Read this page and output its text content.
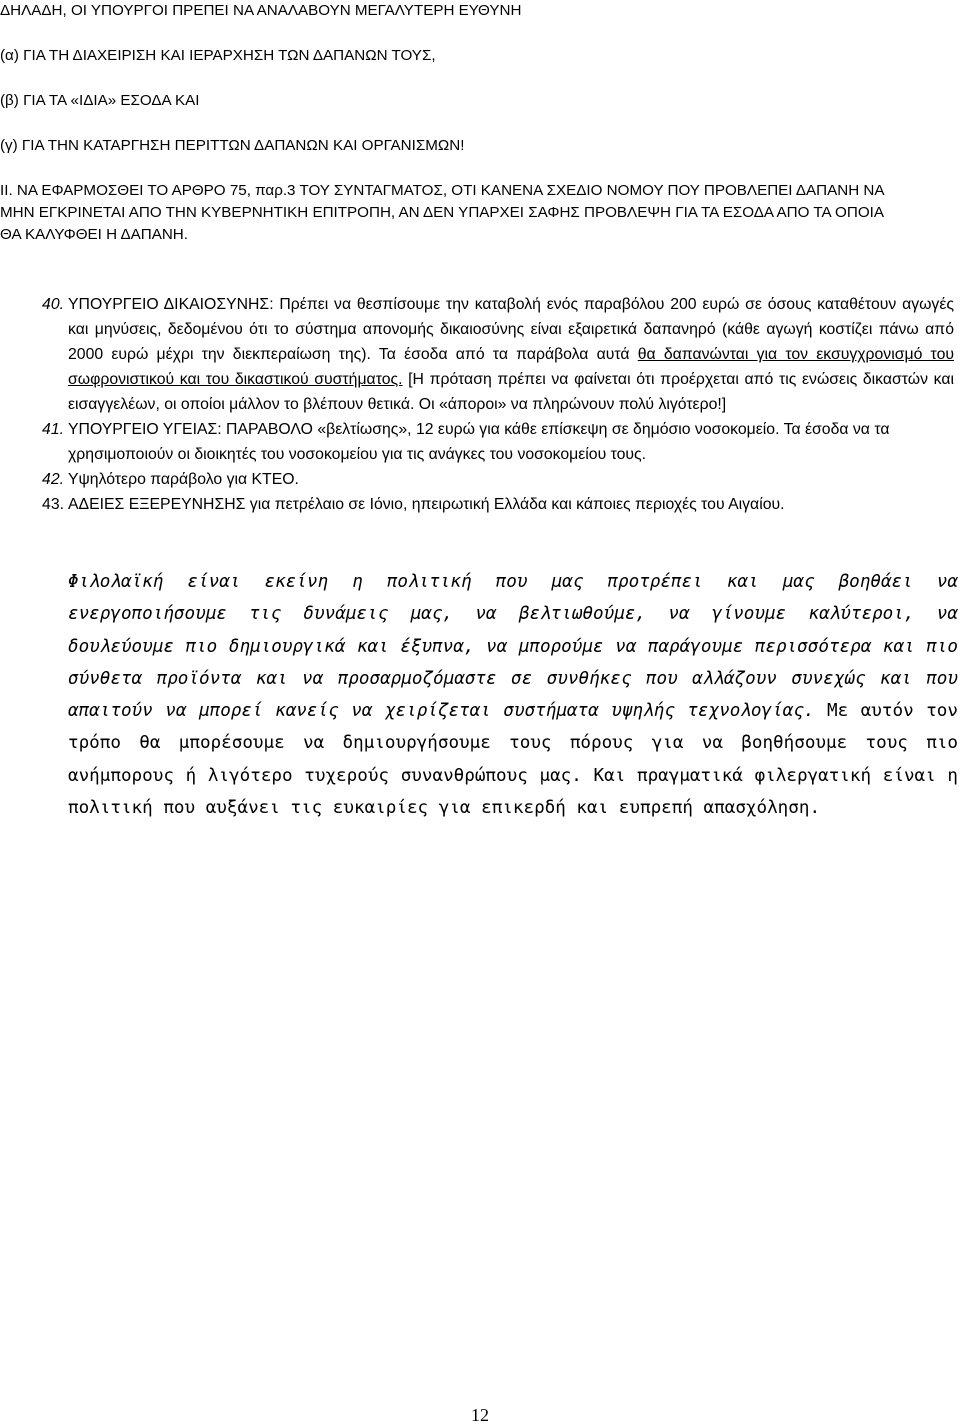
ΔΗΛΑΔΗ, ΟΙ ΥΠΟΥΡΓΟΙ ΠΡΕΠΕΙ ΝΑ ΑΝΑΛΑΒΟΥΝ ΜΕΓΑΛΥΤΕΡΗ ΕΥΘΥΝΗ

(α) ΓΙΑ ΤΗ ΔΙΑΧΕΙΡΙΣΗ ΚΑΙ ΙΕΡΑΡΧΗΣΗ ΤΩΝ ΔΑΠΑΝΩΝ ΤΟΥΣ,

(β) ΓΙΑ ΤΑ «ΙΔΙΑ» ΕΣΟΔΑ ΚΑΙ

(γ) ΓΙΑ ΤΗΝ ΚΑΤΑΡΓΗΣΗ ΠΕΡΙΤΤΩΝ ΔΑΠΑΝΩΝ ΚΑΙ ΟΡΓΑΝΙΣΜΩΝ!

ΙΙ. ΝΑ ΕΦΑΡΜΟΣΘΕΙ ΤΟ ΑΡΘΡΟ 75, παρ.3 ΤΟΥ ΣΥΝΤΑΓΜΑΤΟΣ, ΟΤΙ ΚΑΝΕΝΑ ΣΧΕΔΙΟ ΝΟΜΟΥ ΠΟΥ ΠΡΟΒΛΕΠΕΙ ΔΑΠΑΝΗ ΝΑ

ΜΗΝ ΕΓΚΡΙΝΕΤΑΙ ΑΠΟ ΤΗΝ ΚΥΒΕΡΝΗΤΙΚΗ ΕΠΙΤΡΟΠΗ, ΑΝ ΔΕΝ ΥΠΑΡΧΕΙ ΣΑΦΗΣ ΠΡΟΒΛΕΨΗ ΓΙΑ ΤΑ ΕΣΟΔΑ ΑΠΟ ΤΑ ΟΠΟΙΑ

ΘΑ ΚΑΛΥΦΘΕΙ Η ΔΑΠΑΝΗ.

40. ΥΠΟΥΡΓΕΙΟ ΔΙΚΑΙΟΣΥΝΗΣ: Πρέπει να θεσπίσουμε την καταβολή ενός παραβόλου 200 ευρώ σε όσους καταθέτουν αγωγές και μηνύσεις, δεδομένου ότι το σύστημα απονομής δικαιοσύνης είναι εξαιρετικά δαπανηρό (κάθε αγωγή κοστίζει πάνω από 2000 ευρώ μέχρι την διεκπεραίωση της). Τα έσοδα από τα παράβολα αυτά θα δαπανώνται για τον εκσυγχρονισμό του σωφρονιστικού και του δικαστικού συστήματος. [Η πρόταση πρέπει να φαίνεται ότι προέρχεται από τις ενώσεις δικαστών και εισαγγελέων, οι οποίοι μάλλον το βλέπουν θετικά. Οι «άποροι» να πληρώνουν πολύ λιγότερο!]
41. ΥΠΟΥΡΓΕΙΟ ΥΓΕΙΑΣ: ΠΑΡΑΒΟΛΟ «βελτίωσης», 12 ευρώ για κάθε επίσκεψη σε δημόσιο νοσοκομείο. Τα έσοδα να τα χρησιμοποιούν οι διοικητές του νοσοκομείου για τις ανάγκες του νοσοκομείου τους.
42. Υψηλότερο παράβολο για ΚΤΕΟ.
43. ΑΔΕΙΕΣ ΕΞΕΡΕΥΝΗΣΗΣ για πετρέλαιο σε Ιόνιο, ηπειρωτική Ελλάδα και κάποιες περιοχές του Αιγαίου.
Φιλολαϊκή είναι εκείνη η πολιτική που μας προτρέπει και μας βοηθάει να ενεργοποιήσουμε τις δυνάμεις μας, να βελτιωθούμε, να γίνουμε καλύτεροι, να δουλεύουμε πιο δημιουργικά και έξυπνα, να μπορούμε να παράγουμε περισσότερα και πιο σύνθετα προϊόντα και να προσαρμοζόμαστε σε συνθήκες που αλλάζουν συνεχώς και που απαιτούν να μπορεί κανείς να χειρίζεται συστήματα υψηλής τεχνολογίας. Με αυτόν τον τρόπο θα μπορέσουμε να δημιουργήσουμε τους πόρους για να βοηθήσουμε τους πιο ανήμπορους ή λιγότερο τυχερούς συνανθρώπους μας. Και πραγματικά φιλεργατική είναι η πολιτική που αυξάνει τις ευκαιρίες για επικερδή και ευπρεπή απασχόληση.
12
